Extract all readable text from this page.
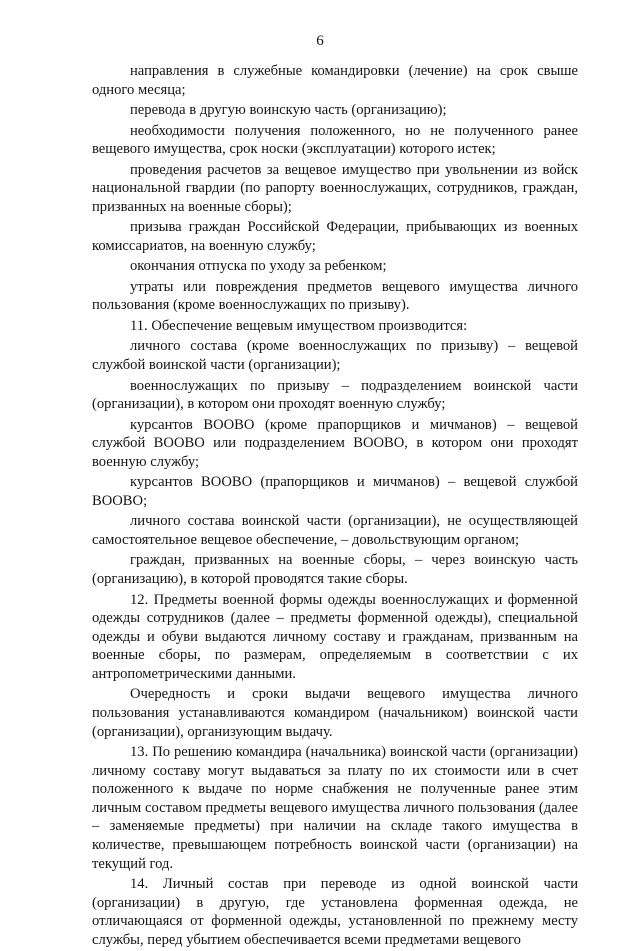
6

направления в служебные командировки (лечение) на срок свыше одного месяца;

перевода в другую воинскую часть (организацию);

необходимости получения положенного, но не полученного ранее вещевого имущества, срок носки (эксплуатации) которого истек;

проведения расчетов за вещевое имущество при увольнении из войск национальной гвардии (по рапорту военнослужащих, сотрудников, граждан, призванных на военные сборы);

призыва граждан Российской Федерации, прибывающих из военных комиссариатов, на военную службу;

окончания отпуска по уходу за ребенком;

утраты или повреждения предметов вещевого имущества личного пользования (кроме военнослужащих по призыву).

11. Обеспечение вещевым имуществом производится:

личного состава (кроме военнослужащих по призыву) – вещевой службой воинской части (организации);

военнослужащих по призыву – подразделением воинской части (организации), в котором они проходят военную службу;

курсантов ВООВО (кроме прапорщиков и мичманов) – вещевой службой ВООВО или подразделением ВООВО, в котором они проходят военную службу;

курсантов ВООВО (прапорщиков и мичманов) – вещевой службой ВООВО;

личного состава воинской части (организации), не осуществляющей самостоятельное вещевое обеспечение, – довольствующим органом;

граждан, призванных на военные сборы, – через воинскую часть (организацию), в которой проводятся такие сборы.

12. Предметы военной формы одежды военнослужащих и форменной одежды сотрудников (далее – предметы форменной одежды), специальной одежды и обуви выдаются личному составу и гражданам, призванным на военные сборы, по размерам, определяемым в соответствии с их антропометрическими данными.

Очередность и сроки выдачи вещевого имущества личного пользования устанавливаются командиром (начальником) воинской части (организации), организующим выдачу.

13. По решению командира (начальника) воинской части (организации) личному составу могут выдаваться за плату по их стоимости или в счет положенного к выдаче по норме снабжения не полученные ранее этим личным составом предметы вещевого имущества личного пользования (далее – заменяемые предметы) при наличии на складе такого имущества в количестве, превышающем потребность воинской части (организации) на текущий год.

14. Личный состав при переводе из одной воинской части (организации) в другую, где установлена форменная одежда, не отличающаяся от форменной одежды, установленной по прежнему месту службы, перед убытием обеспечивается всеми предметами вещевого
